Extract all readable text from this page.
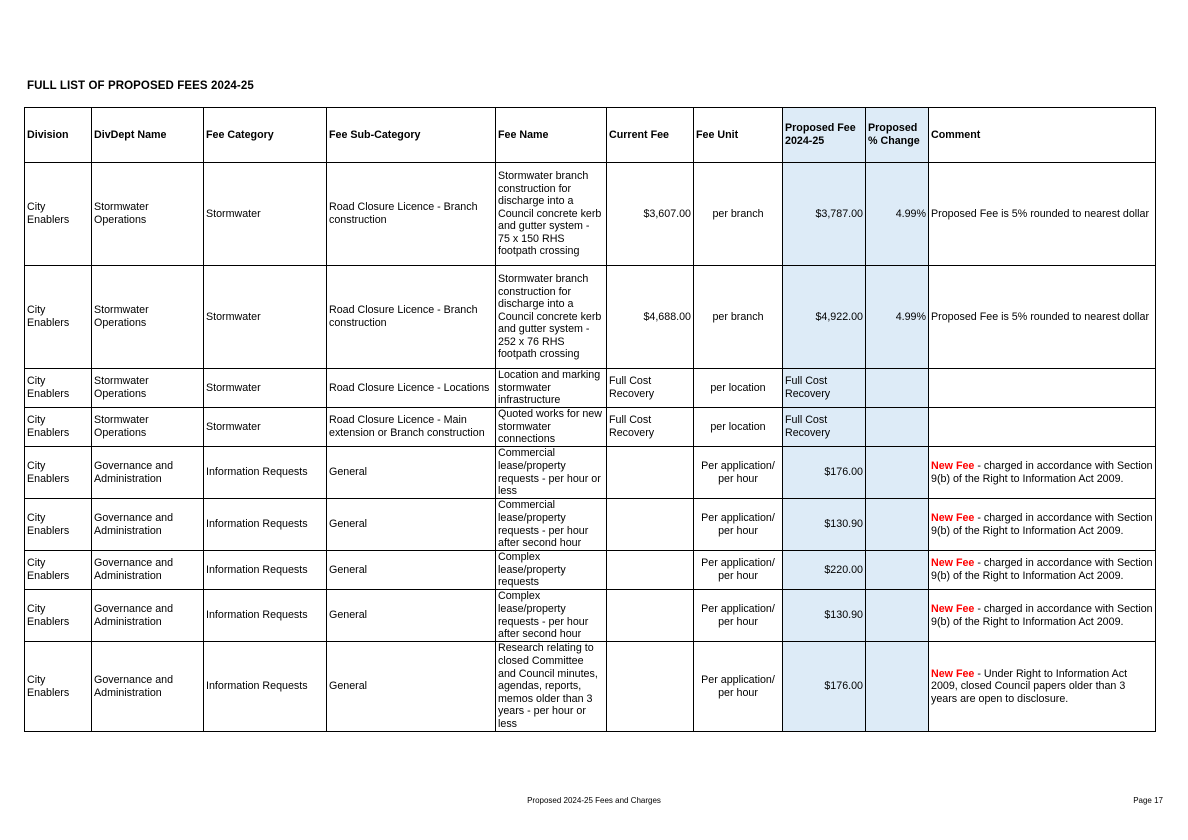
FULL LIST OF PROPOSED FEES 2024-25
Division	DivDept Name	Fee Category	Fee Sub-Category	Fee Name	Current Fee	Fee Unit	Proposed Fee 2024-25	Proposed % Change	Comment
City Enablers	Stormwater Operations	Stormwater	Road Closure Licence - Branch construction	Stormwater branch construction for discharge into a Council concrete kerb and gutter system - 75 x 150 RHS footpath crossing	$3,607.00	per branch	$3,787.00	4.99%	Proposed Fee is 5% rounded to nearest dollar
City Enablers	Stormwater Operations	Stormwater	Road Closure Licence - Branch construction	Stormwater branch construction for discharge into a Council concrete kerb and gutter system - 252 x 76 RHS footpath crossing	$4,688.00	per branch	$4,922.00	4.99%	Proposed Fee is 5% rounded to nearest dollar
City Enablers	Stormwater Operations	Stormwater	Road Closure Licence - Locations	Location and marking stormwater infrastructure	Full Cost Recovery	per location	Full Cost Recovery		
City Enablers	Stormwater Operations	Stormwater	Road Closure Licence - Main extension or Branch construction	Quoted works for new stormwater connections	Full Cost Recovery	per location	Full Cost Recovery		
City Enablers	Governance and Administration	Information Requests	General	Commercial lease/property requests - per hour or less		Per application/ per hour	$176.00		New Fee - charged in accordance with Section 9(b) of the Right to Information Act 2009.
City Enablers	Governance and Administration	Information Requests	General	Commercial lease/property requests - per hour after second hour		Per application/ per hour	$130.90		New Fee - charged in accordance with Section 9(b) of the Right to Information Act 2009.
City Enablers	Governance and Administration	Information Requests	General	Complex lease/property requests		Per application/ per hour	$220.00		New Fee - charged in accordance with Section 9(b) of the Right to Information Act 2009.
City Enablers	Governance and Administration	Information Requests	General	Complex lease/property requests - per hour after second hour		Per application/ per hour	$130.90		New Fee - charged in accordance with Section 9(b) of the Right to Information Act 2009.
City Enablers	Governance and Administration	Information Requests	General	Research relating to closed Committee and Council minutes, agendas, reports, memos older than 3 years - per hour or less		Per application/ per hour	$176.00		New Fee - Under Right to Information Act 2009, closed Council papers older than 3 years are open to disclosure.
Proposed 2024-25 Fees and Charges	Page 17
